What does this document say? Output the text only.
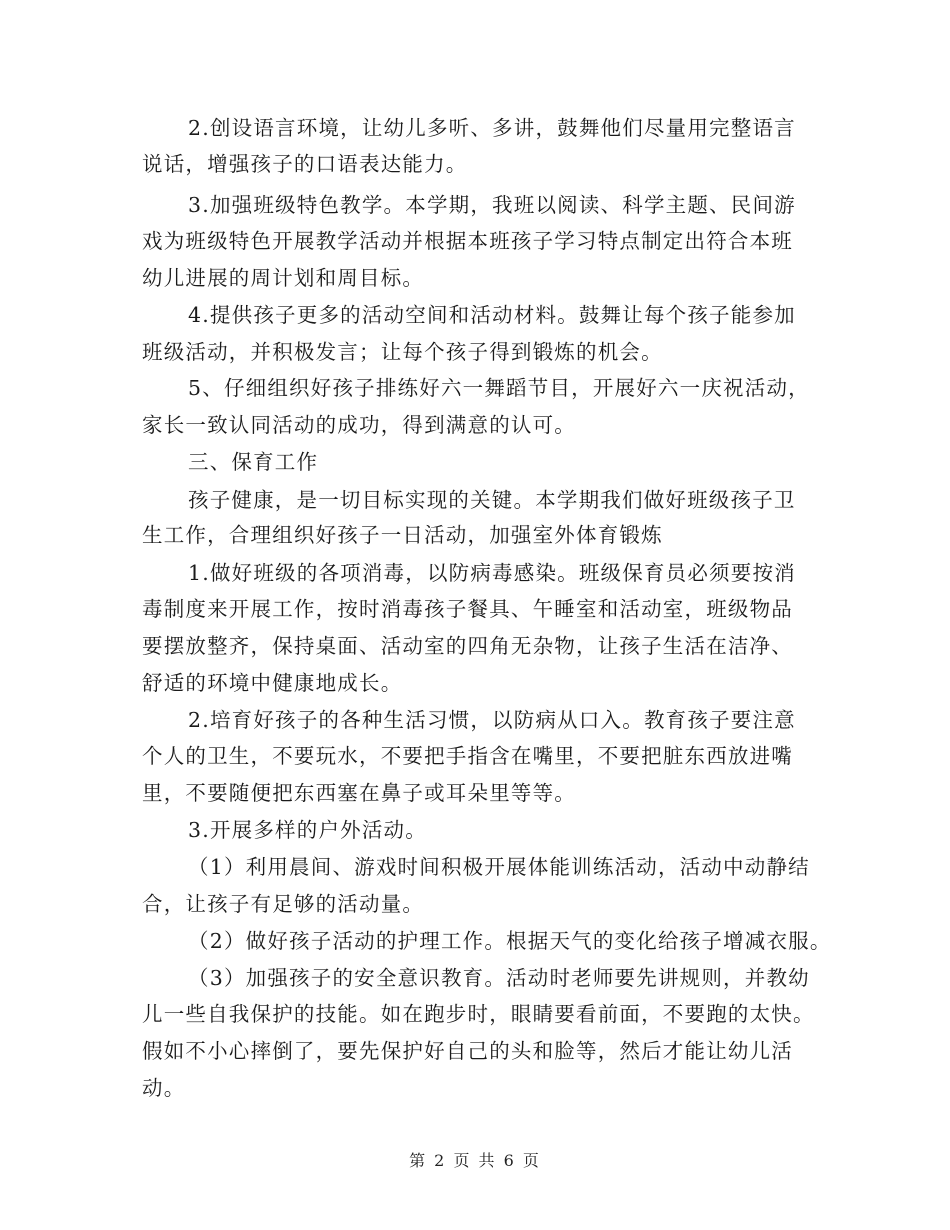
2.创设语言环境，让幼儿多听、多讲，鼓舞他们尽量用完整语言
说话，增强孩子的口语表达能力。
3.加强班级特色教学。本学期，我班以阅读、科学主题、民间游
戏为班级特色开展教学活动并根据本班孩子学习特点制定出符合本班
幼儿进展的周计划和周目标。
4.提供孩子更多的活动空间和活动材料。鼓舞让每个孩子能参加
班级活动，并积极发言；让每个孩子得到锻炼的机会。
5、仔细组织好孩子排练好六一舞蹈节目，开展好六一庆祝活动，
家长一致认同活动的成功，得到满意的认可。
三、保育工作
孩子健康，是一切目标实现的关键。本学期我们做好班级孩子卫
生工作，合理组织好孩子一日活动，加强室外体育锻炼
1.做好班级的各项消毒，以防病毒感染。班级保育员必须要按消
毒制度来开展工作，按时消毒孩子餐具、午睡室和活动室，班级物品
要摆放整齐，保持桌面、活动室的四角无杂物，让孩子生活在洁净、
舒适的环境中健康地成长。
2.培育好孩子的各种生活习惯，以防病从口入。教育孩子要注意
个人的卫生，不要玩水，不要把手指含在嘴里，不要把脏东西放进嘴
里，不要随便把东西塞在鼻子或耳朵里等等。
3.开展多样的户外活动。
（1）利用晨间、游戏时间积极开展体能训练活动，活动中动静结
合，让孩子有足够的活动量。
（2）做好孩子活动的护理工作。根据天气的变化给孩子增减衣服。
（3）加强孩子的安全意识教育。活动时老师要先讲规则，并教幼
儿一些自我保护的技能。如在跑步时，眼睛要看前面，不要跑的太快。
假如不小心摔倒了，要先保护好自己的头和脸等，然后才能让幼儿活
动。
第 2 页 共 6 页
